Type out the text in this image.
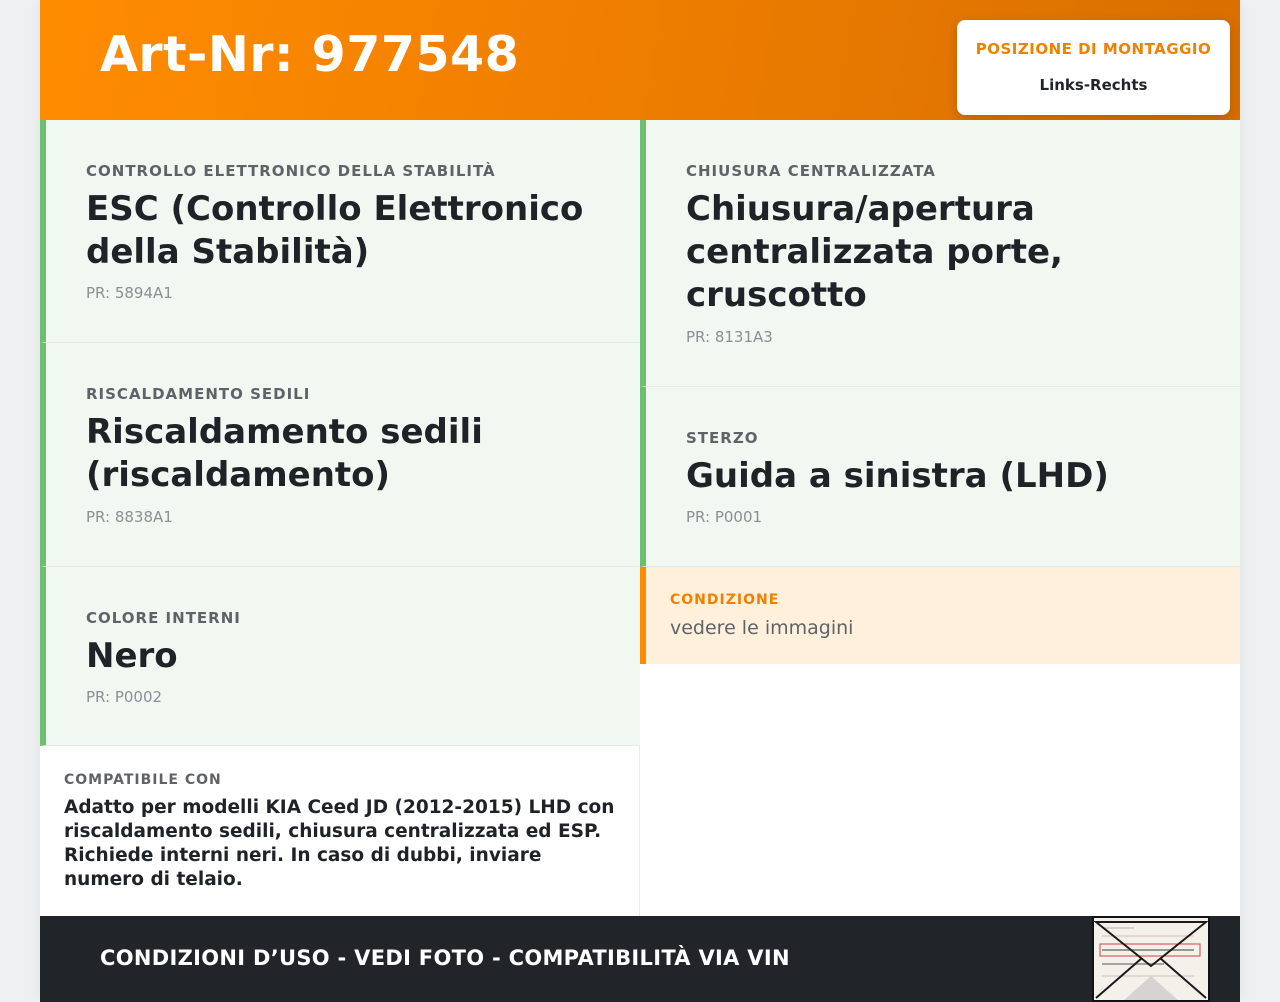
Art-Nr: 977548	POSIZIONE DI MONTAGGIO
Links-Rechts
CONTROLLO ELETTRONICO DELLA STABILITÀ
ESC (Controllo Elettronico della Stabilità)
PR: 5894A1
RISCALDAMENTO SEDILI
Riscaldamento sedili (riscaldamento)
PR: 8838A1
COLORE INTERNI
Nero
PR: P0002
CHIUSURA CENTRALIZZATA
Chiusura/apertura centralizzata porte, cruscotto
PR: 8131A3
STERZO
Guida a sinistra (LHD)
PR: P0001
CONDIZIONE
vedere le immagini
COMPATIBILE CON
Adatto per modelli KIA Ceed JD (2012-2015) LHD con riscaldamento sedili, chiusura centralizzata ed ESP. Richiede interni neri. In caso di dubbi, inviare numero di telaio.
CONDIZIONI D’USO - VEDI FOTO - COMPATIBILITÀ VIA VIN
